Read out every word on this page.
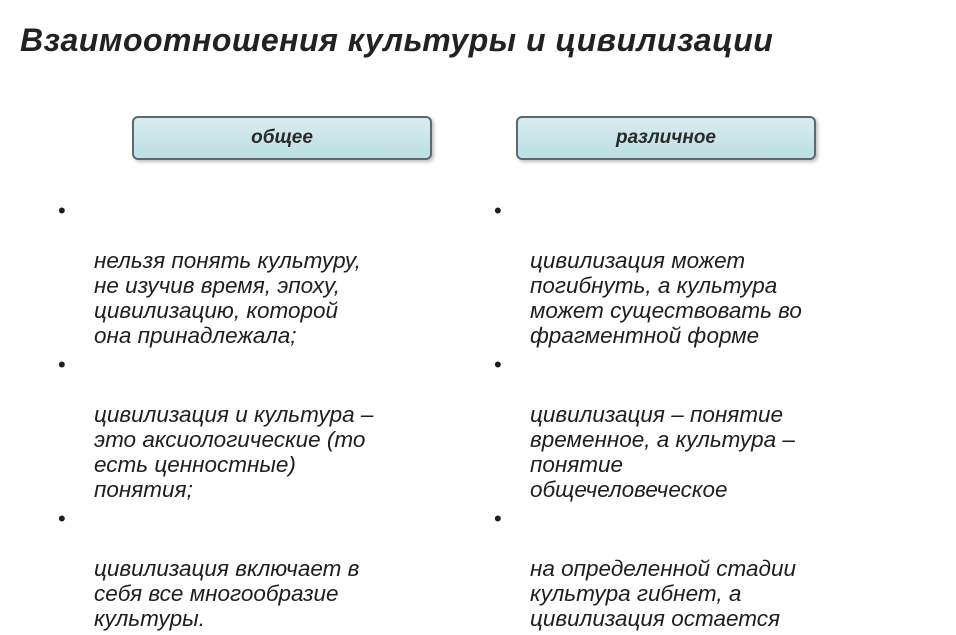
Взаимоотношения культуры и цивилизации
общее	различное

•

нельзя понять культуру,
не изучив время, эпоху,
цивилизацию, которой
она принадлежала;

•

цивилизация и культура –
это аксиологические (то
есть ценностные)
понятия;

•

цивилизация включает в
себя все многообразие
культуры.

•

цивилизация может
погибнуть, а культура
может существовать во
фрагментной форме

•

цивилизация – понятие
временное, а культура –
понятие
общечеловеческое

•

на определенной стадии
культура гибнет, а
цивилизация остается
